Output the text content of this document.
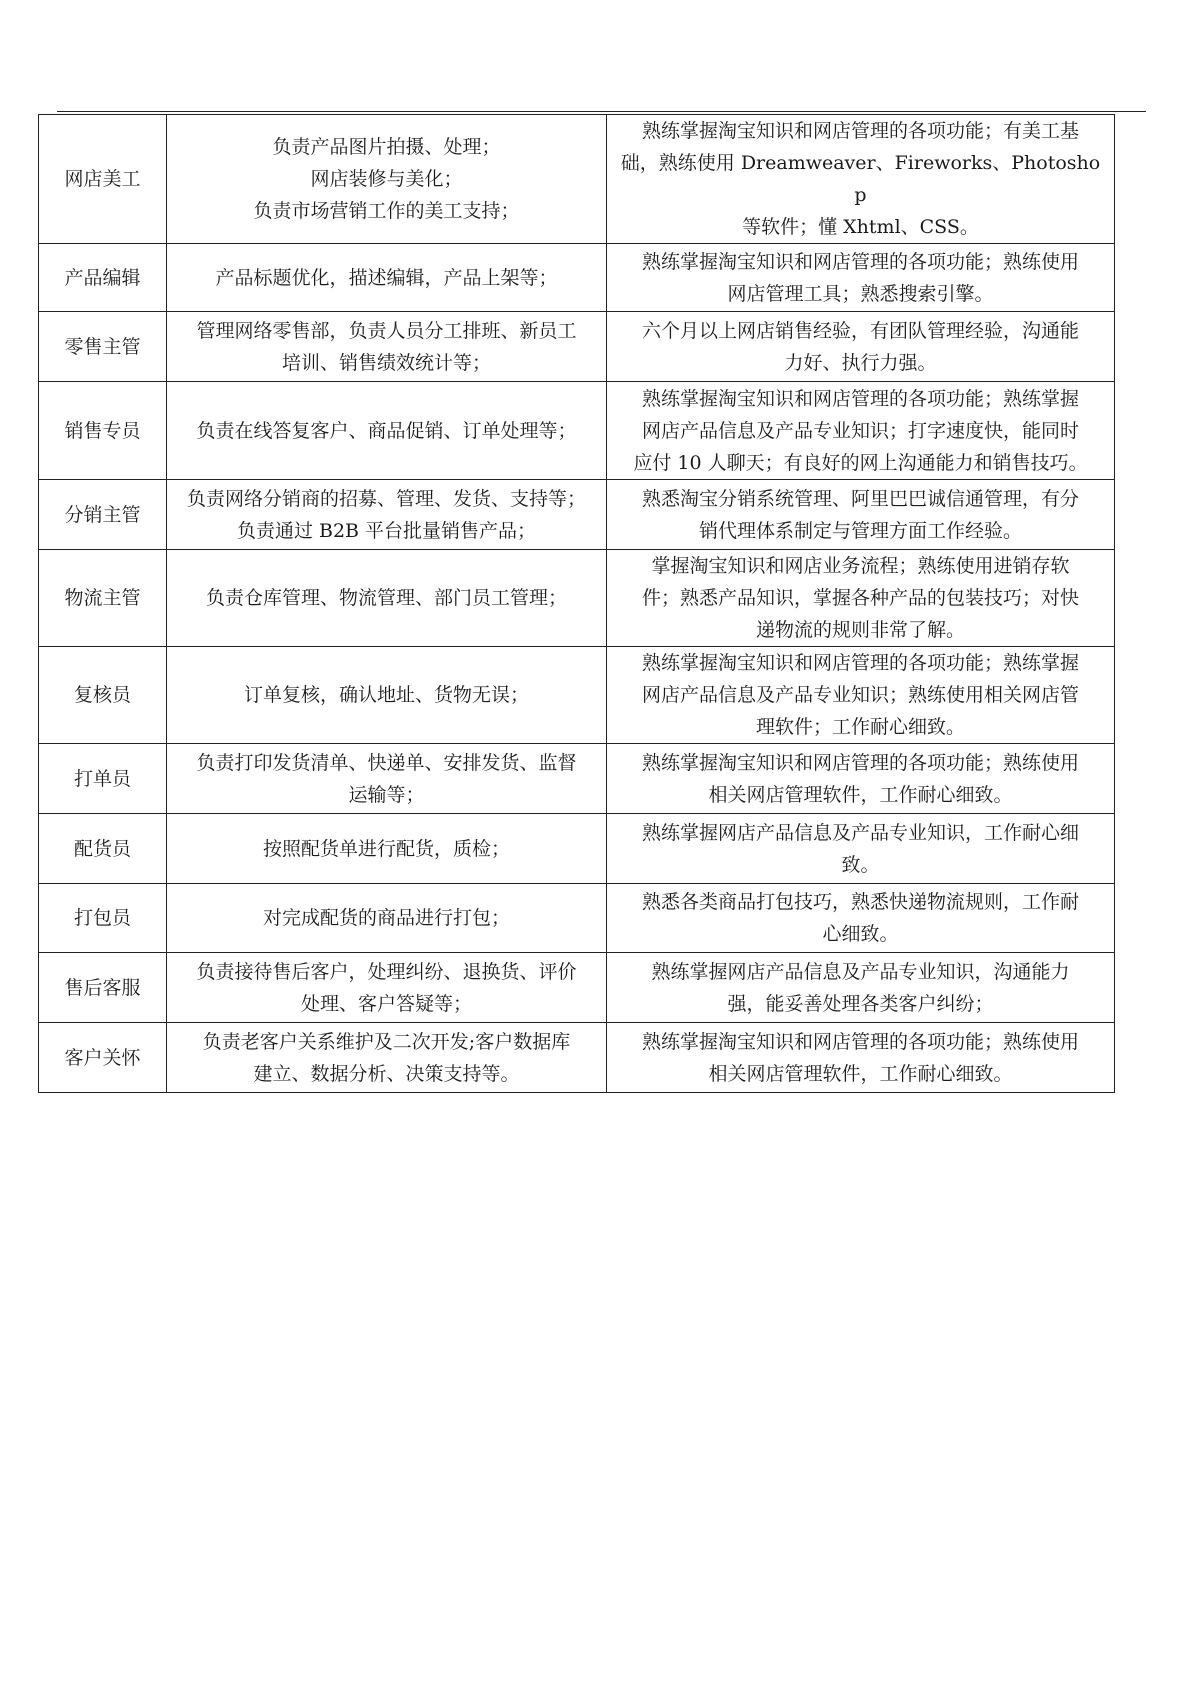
网店美工	负责产品图片拍摄、处理；
网店装修与美化；
负责市场营销工作的美工支持；	熟练掌握淘宝知识和网店管理的各项功能；有美工基
础，熟练使用 Dreamweaver、Fireworks、Photoshop
等软件；懂 Xhtml、CSS。

产品编辑	产品标题优化，描述编辑，产品上架等；	熟练掌握淘宝知识和网店管理的各项功能；熟练使用
网店管理工具；熟悉搜索引擎。

零售主管	管理网络零售部，负责人员分工排班、新员工
培训、销售绩效统计等；	六个月以上网店销售经验，有团队管理经验，沟通能
力好、执行力强。

销售专员	负责在线答复客户、商品促销、订单处理等；	熟练掌握淘宝知识和网店管理的各项功能；熟练掌握
网店产品信息及产品专业知识；打字速度快，能同时
应付 10 人聊天；有良好的网上沟通能力和销售技巧。

分销主管	负责网络分销商的招募、管理、发货、支持等；
负责通过 B2B 平台批量销售产品；	熟悉淘宝分销系统管理、阿里巴巴诚信通管理，有分
销代理体系制定与管理方面工作经验。

物流主管	负责仓库管理、物流管理、部门员工管理；	掌握淘宝知识和网店业务流程；熟练使用进销存软
件；熟悉产品知识，掌握各种产品的包装技巧；对快
递物流的规则非常了解。

复核员	订单复核，确认地址、货物无误；	熟练掌握淘宝知识和网店管理的各项功能；熟练掌握
网店产品信息及产品专业知识；熟练使用相关网店管
理软件；工作耐心细致。

打单员	负责打印发货清单、快递单、安排发货、监督
运输等；	熟练掌握淘宝知识和网店管理的各项功能；熟练使用
相关网店管理软件，工作耐心细致。

配货员	按照配货单进行配货，质检；	熟练掌握网店产品信息及产品专业知识，工作耐心细
致。

打包员	对完成配货的商品进行打包；	熟悉各类商品打包技巧，熟悉快递物流规则，工作耐
心细致。

售后客服	负责接待售后客户，处理纠纷、退换货、评价
处理、客户答疑等；	熟练掌握网店产品信息及产品专业知识，沟通能力
强，能妥善处理各类客户纠纷；

客户关怀	负责老客户关系维护及二次开发;客户数据库
建立、数据分析、决策支持等。	熟练掌握淘宝知识和网店管理的各项功能；熟练使用
相关网店管理软件，工作耐心细致。
